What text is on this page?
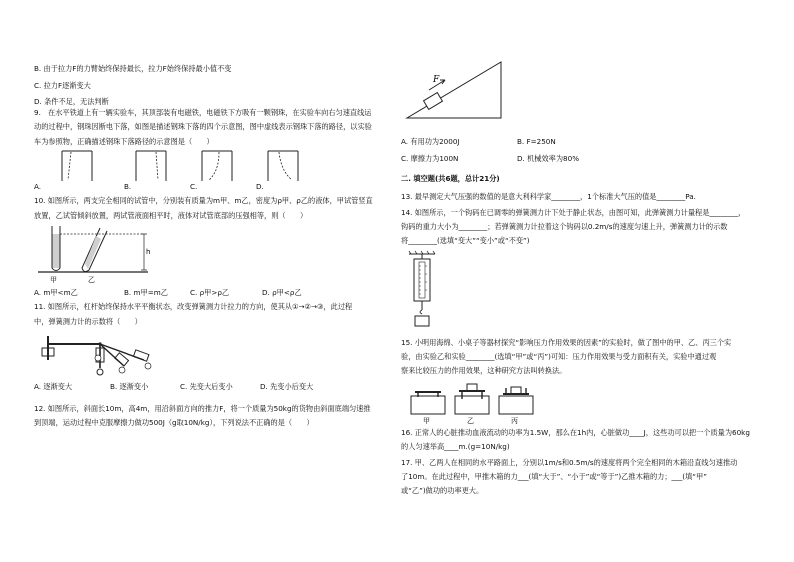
B. 由于拉力F的力臂始终保持最长，拉力F始终保持最小值不变
C. 拉力F逐渐变大
D. 条件不足，无法判断
9.　在水平铁道上有一辆实验车，其顶部装有电磁铁，电磁铁下方吸有一颗钢珠，在实验车向右匀速直线运
动的过程中，钢珠因断电下落，如图是描述钢珠下落的四个示意图，图中虚线表示钢珠下落的路径，以实验
车为参照物，正确描述钢珠下落路径的示意图是（　　）
A.	B.	C.	D.
10. 如图所示，两支完全相同的试管中，分别装有质量为m甲、m乙，密度为ρ甲、ρ乙的液体，甲试管竖直
放置，乙试管倾斜放置，两试管液面相平时，液体对试管底部的压强相等，则（　　）
h
甲	乙
A. m甲<m乙	B. m甲=m乙	C. ρ甲>ρ乙	D. ρ甲<ρ乙
11. 如图所示，杠杆始终保持水平平衡状态，改变弹簧测力计拉力的方向，使其从①→②→③，此过程
中，弹簧测力计的示数将（　　）
A. 逐渐变大	B. 逐渐变小	C. 先变大后变小	D. 先变小后变大
12. 如图所示，斜面长10m，高4m，用沿斜面方向的推力F，将一个质量为50kg的货物由斜面底端匀速推
到顶端，运动过程中克服摩擦力做功500J（g取10N/kg），下列说法不正确的是（　　）
F
A. 有用功为2000J	B. F=250N
C. 摩擦力为100N	D. 机械效率为80%
二. 填空题(共6题，总计21分)
13. 最早测定大气压强的数值的是意大利科学家________，1个标准大气压的值是________Pa.
14. 如图所示，一个钩码在已调零的弹簧测力计下处于静止状态，由图可知，此弹簧测力计量程是________，
钩码的重力大小为________；若弹簧测力计拉着这个钩码以0.2m/s的速度匀速上升，弹簧测力计的示数
将________(选填“变大”“变小”或“不变”)
15. 小明用海绵、小桌子等器材探究“影响压力作用效果的因素”的实验时，做了图中的甲、乙、丙三个实
验，由实验乙和实验________(选填“甲”或“丙”)可知：压力作用效果与受力面积有关，实验中通过观
察来比较压力的作用效果，这种研究方法叫转换法。
甲	乙	丙
16. 正常人的心脏推动血液流动的功率为1.5W，那么在1h内，心脏做功____J，这些功可以把一个质量为60kg
的人匀速举高____m.(g=10N/kg)
17. 甲、乙两人在相同的水平路面上，分别以1m/s和0.5m/s的速度将两个完全相同的木箱沿直线匀速推动
了10m。在此过程中，甲推木箱的力___(填“大于”、“小于”或“等于”)乙推木箱的力；___(填“甲”
或“乙”)做功的功率更大。
